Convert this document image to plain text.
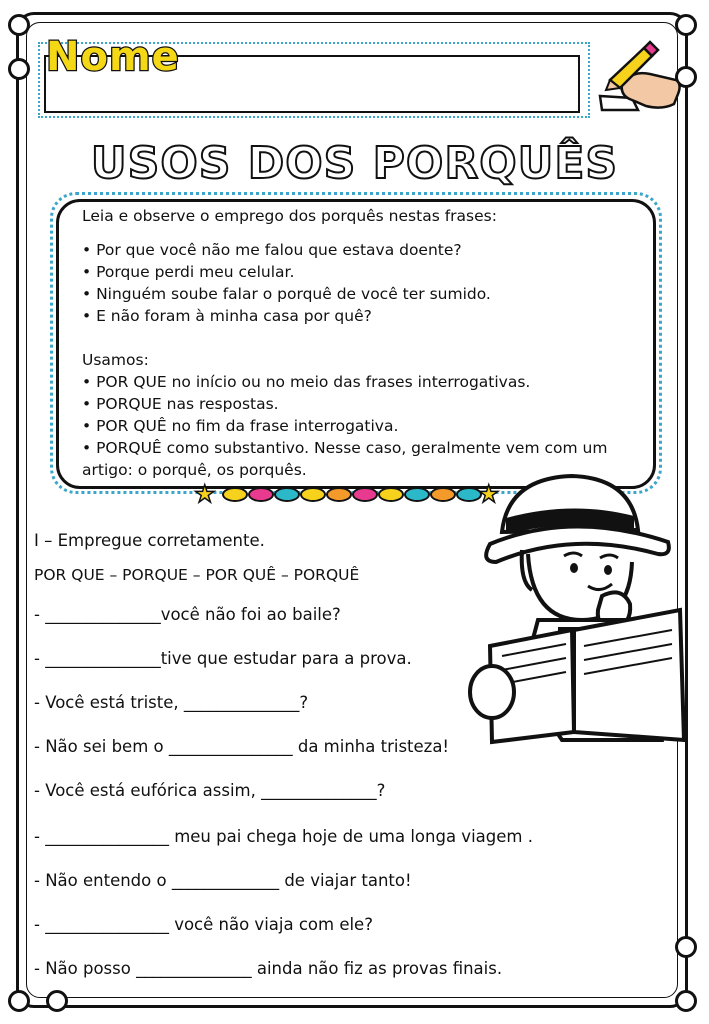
Nome
USOS DOS PORQUÊS

Leia e observe o emprego dos porquês nestas frases:

• Por que você não me falou que estava doente?

• Porque perdi meu celular.

• Ninguém soube falar o porquê de você ter sumido.

• E não foram à minha casa por quê?

Usamos:

• POR QUE no início ou no meio das frases interrogativas.

• PORQUE nas respostas.

• POR QUÊ no fim da frase interrogativa.

• PORQUÊ como substantivo. Nesse caso, geralmente vem com um artigo: o porquê, os porquês.

★	★
I – Empregue corretamente.
POR QUE – PORQUE – POR QUÊ – PORQUÊ
- ______________você não foi ao baile?
- ______________tive que estudar para a prova.
- Você está triste, ______________?
- Não sei bem o _______________ da minha tristeza!
- Você está eufórica assim, ______________?
- _______________ meu pai chega hoje de uma longa viagem .
- Não entendo o _____________ de viajar tanto!
- _______________ você não viaja com ele?
- Não posso ______________ ainda não fiz as provas finais.
